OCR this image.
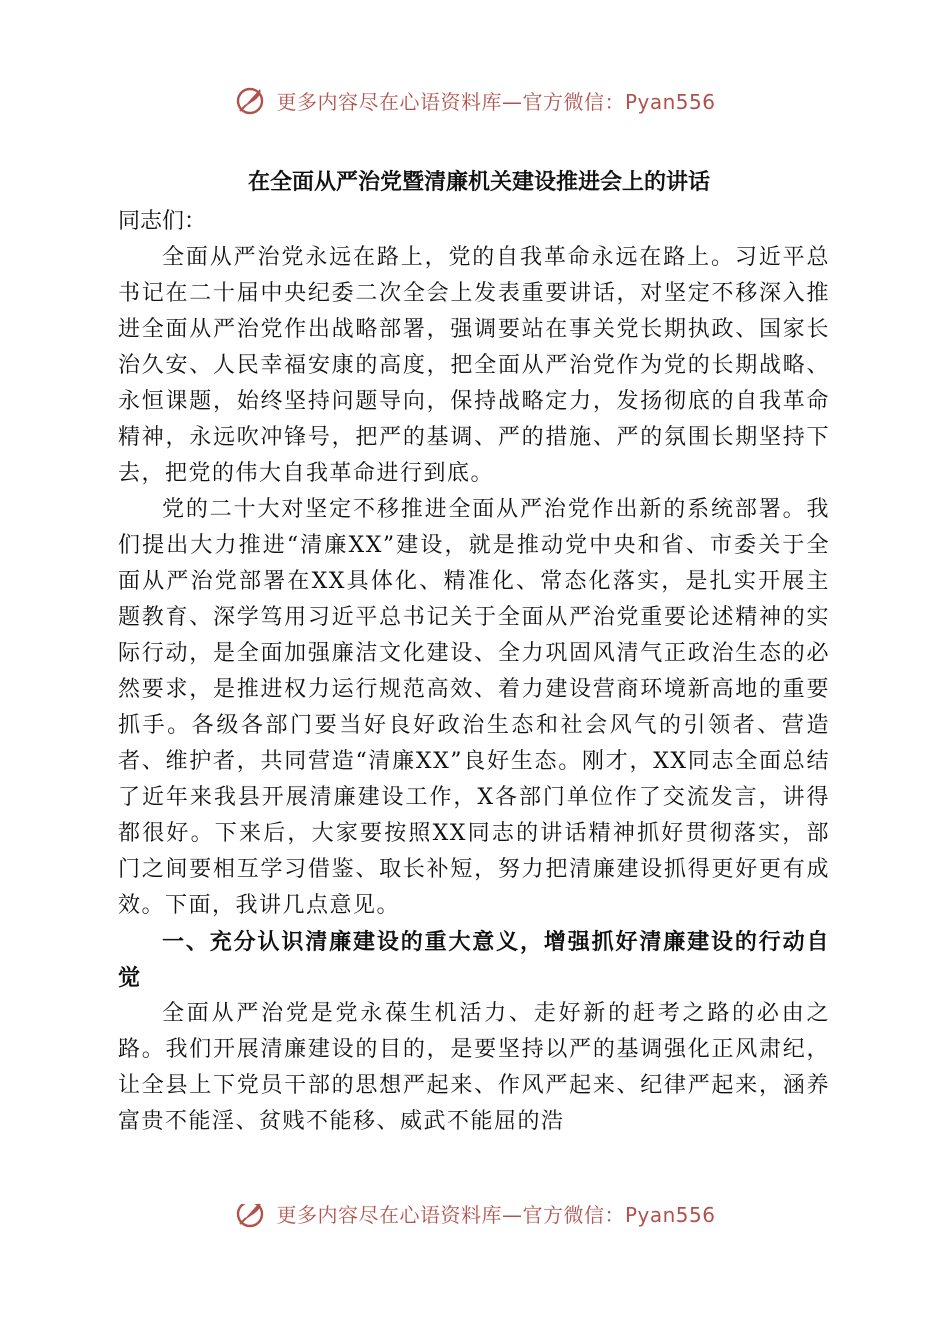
更多内容尽在心语资料库—官方微信：Pyan556
在全面从严治党暨清廉机关建设推进会上的讲话

同志们：

全面从严治党永远在路上，党的自我革命永远在路上。习近平总书记在二十届中央纪委二次全会上发表重要讲话，对坚定不移深入推进全面从严治党作出战略部署，强调要站在事关党长期执政、国家长治久安、人民幸福安康的高度，把全面从严治党作为党的长期战略、永恒课题，始终坚持问题导向，保持战略定力，发扬彻底的自我革命精神，永远吹冲锋号，把严的基调、严的措施、严的氛围长期坚持下去，把党的伟大自我革命进行到底。

党的二十大对坚定不移推进全面从严治党作出新的系统部署。我们提出大力推进“清廉XX”建设，就是推动党中央和省、市委关于全面从严治党部署在XX具体化、精准化、常态化落实，是扎实开展主题教育、深学笃用习近平总书记关于全面从严治党重要论述精神的实际行动，是全面加强廉洁文化建设、全力巩固风清气正政治生态的必然要求，是推进权力运行规范高效、着力建设营商环境新高地的重要抓手。各级各部门要当好良好政治生态和社会风气的引领者、营造者、维护者，共同营造“清廉XX”良好生态。刚才，XX同志全面总结了近年来我县开展清廉建设工作，X各部门单位作了交流发言，讲得都很好。下来后，大家要按照XX同志的讲话精神抓好贯彻落实，部门之间要相互学习借鉴、取长补短，努力把清廉建设抓得更好更有成效。下面，我讲几点意见。

一、充分认识清廉建设的重大意义，增强抓好清廉建设的行动自觉

全面从严治党是党永葆生机活力、走好新的赶考之路的必由之路。我们开展清廉建设的目的，是要坚持以严的基调强化正风肃纪，让全县上下党员干部的思想严起来、作风严起来、纪律严起来，涵养富贵不能淫、贫贱不能移、威武不能屈的浩

更多内容尽在心语资料库—官方微信：Pyan556
